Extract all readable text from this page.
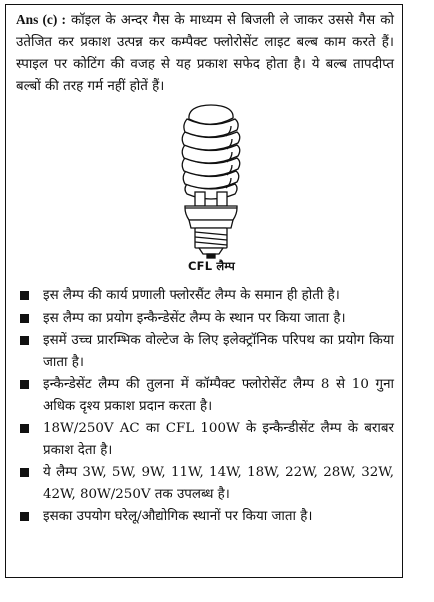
Ans (c) : कॉइल के अन्दर गैस के माध्यम से बिजली ले जाकर उससे गैस को उतेजित कर प्रकाश उत्पन्न कर कम्पैक्ट फ्लोरोसेंट लाइट बल्ब काम करते हैं। स्पाइल पर कोटिंग की वजह से यह प्रकाश सफेद होता है। ये बल्ब तापदीप्त बल्बों की तरह गर्म नहीं होतें हैं।

CFL लैम्प
इस लैम्प की कार्य प्रणाली फ्लोरसैंट लैम्प के समान ही होती है।
इस लैम्प का प्रयोग इन्कैन्डेसेंट लैम्प के स्थान पर किया जाता है।
इसमें उच्च प्रारम्भिक वोल्टेज के लिए इलेक्ट्रॉनिक परिपथ का प्रयोग किया जाता है।
इन्कैन्डेसेंट लैम्प की तुलना में कॉम्पैक्ट फ्लोरोसेंट लैम्प 8 से 10 गुना अधिक दृश्य प्रकाश प्रदान करता है।
18W/250V AC का CFL 100W के इन्कैन्डीसेंट लैम्प के बराबर प्रकाश देता है।
ये लैम्प 3W, 5W, 9W, 11W, 14W, 18W, 22W, 28W, 32W, 42W, 80W/250V तक उपलब्ध है।
इसका उपयोग घरेलू/औद्योगिक स्थानों पर किया जाता है।
